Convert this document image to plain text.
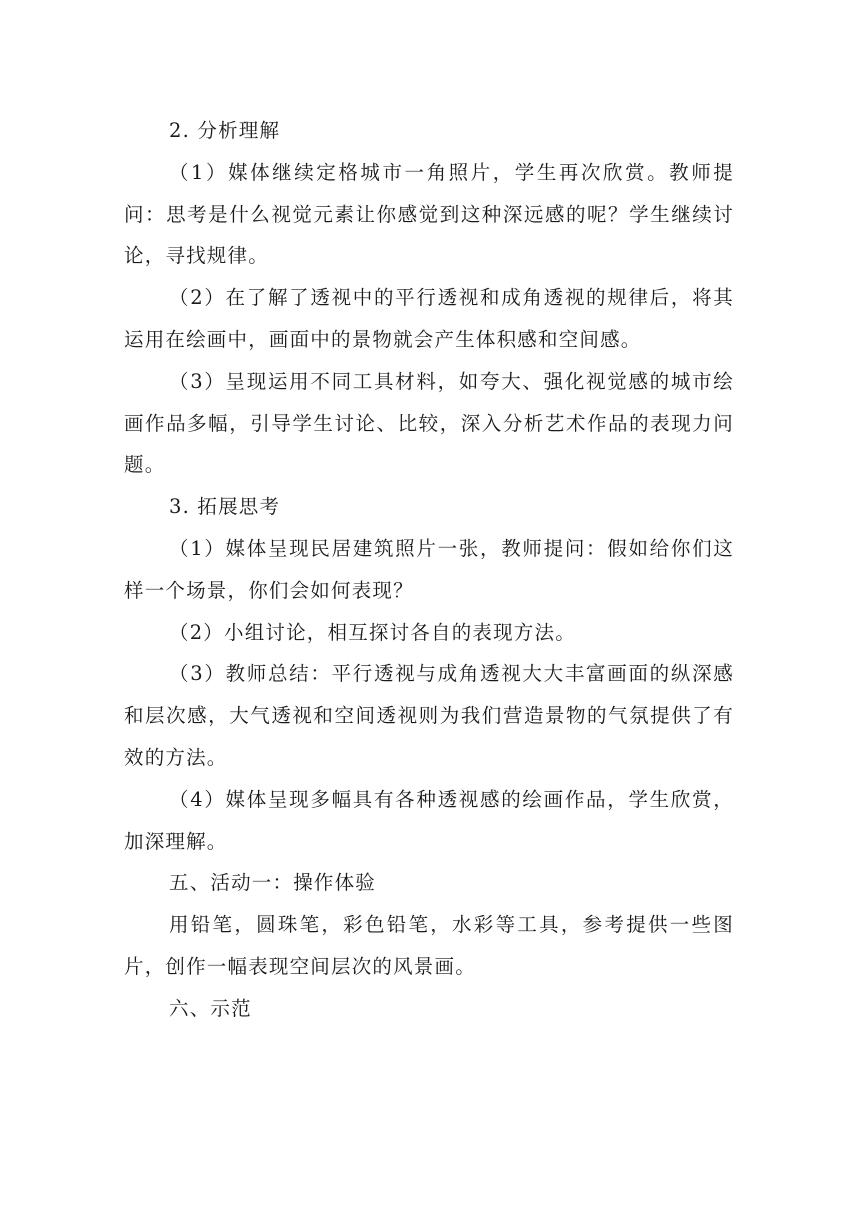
2. 分析理解

（1）媒体继续定格城市一角照片，学生再次欣赏。教师提问：思考是什么视觉元素让你感觉到这种深远感的呢？学生继续讨论，寻找规律。

（2）在了解了透视中的平行透视和成角透视的规律后，将其运用在绘画中，画面中的景物就会产生体积感和空间感。

（3）呈现运用不同工具材料，如夸大、强化视觉感的城市绘画作品多幅，引导学生讨论、比较，深入分析艺术作品的表现力问题。

3. 拓展思考

（1）媒体呈现民居建筑照片一张，教师提问：假如给你们这样一个场景，你们会如何表现？

（2）小组讨论，相互探讨各自的表现方法。

（3）教师总结：平行透视与成角透视大大丰富画面的纵深感和层次感，大气透视和空间透视则为我们营造景物的气氛提供了有效的方法。

（4）媒体呈现多幅具有各种透视感的绘画作品，学生欣赏，加深理解。

五、活动一：操作体验

用铅笔，圆珠笔，彩色铅笔，水彩等工具，参考提供一些图片，创作一幅表现空间层次的风景画。

六、示范
